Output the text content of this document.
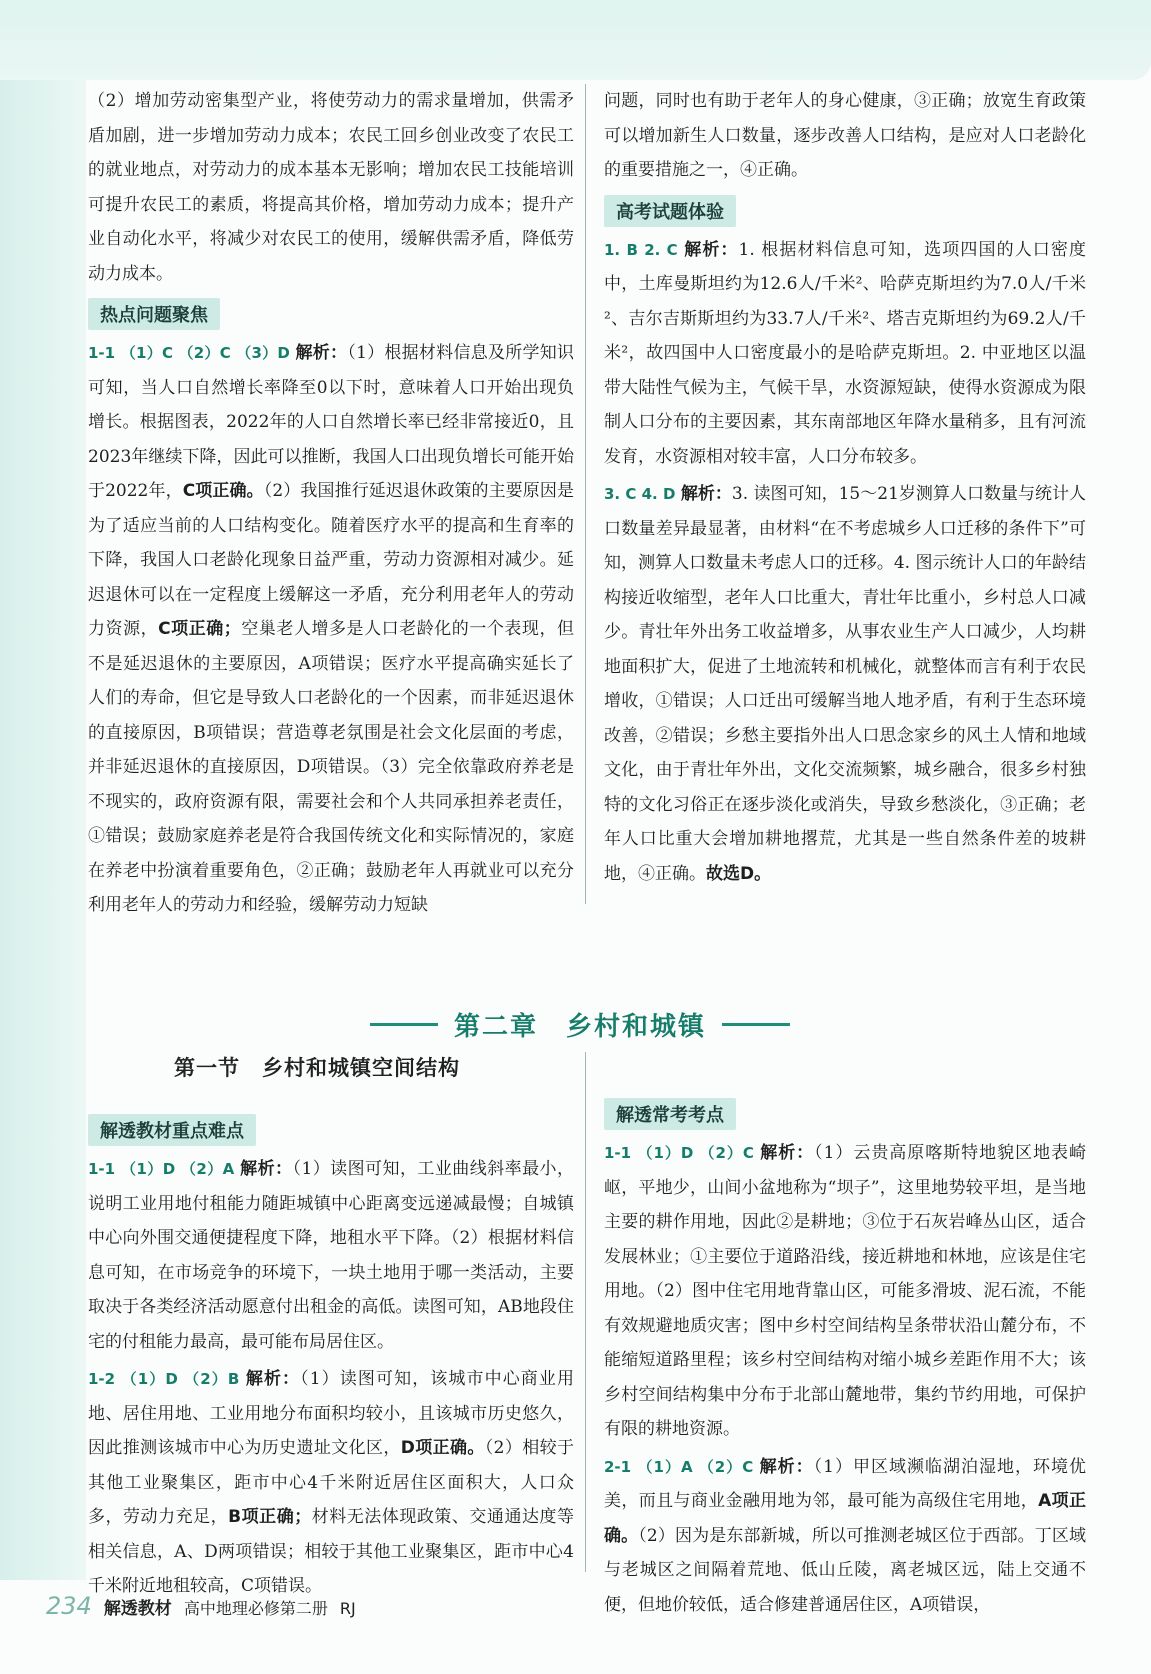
（2）增加劳动密集型产业，将使劳动力的需求量增加，供需矛盾加剧，进一步增加劳动力成本；农民工回乡创业改变了农民工的就业地点，对劳动力的成本基本无影响；增加农民工技能培训可提升农民工的素质，将提高其价格，增加劳动力成本；提升产业自动化水平，将减少对农民工的使用，缓解供需矛盾，降低劳动力成本。

热点问题聚焦

1-1 （1）C （2）C （3）D 解析：（1）根据材料信息及所学知识可知，当人口自然增长率降至0以下时，意味着人口开始出现负增长。根据图表，2022年的人口自然增长率已经非常接近0，且2023年继续下降，因此可以推断，我国人口出现负增长可能开始于2022年，C项正确。（2）我国推行延迟退休政策的主要原因是为了适应当前的人口结构变化。随着医疗水平的提高和生育率的下降，我国人口老龄化现象日益严重，劳动力资源相对减少。延迟退休可以在一定程度上缓解这一矛盾，充分利用老年人的劳动力资源，C项正确；空巢老人增多是人口老龄化的一个表现，但不是延迟退休的主要原因，A项错误；医疗水平提高确实延长了人们的寿命，但它是导致人口老龄化的一个因素，而非延迟退休的直接原因，B项错误；营造尊老氛围是社会文化层面的考虑，并非延迟退休的直接原因，D项错误。（3）完全依靠政府养老是不现实的，政府资源有限，需要社会和个人共同承担养老责任，①错误；鼓励家庭养老是符合我国传统文化和实际情况的，家庭在养老中扮演着重要角色，②正确；鼓励老年人再就业可以充分利用老年人的劳动力和经验，缓解劳动力短缺

问题，同时也有助于老年人的身心健康，③正确；放宽生育政策可以增加新生人口数量，逐步改善人口结构，是应对人口老龄化的重要措施之一，④正确。

高考试题体验

1. B 2. C 解析：1. 根据材料信息可知，选项四国的人口密度中，土库曼斯坦约为12.6人/千米²、哈萨克斯坦约为7.0人/千米²、吉尔吉斯斯坦约为33.7人/千米²、塔吉克斯坦约为69.2人/千米²，故四国中人口密度最小的是哈萨克斯坦。2. 中亚地区以温带大陆性气候为主，气候干旱，水资源短缺，使得水资源成为限制人口分布的主要因素，其东南部地区年降水量稍多，且有河流发育，水资源相对较丰富，人口分布较多。

3. C 4. D 解析：3. 读图可知，15～21岁测算人口数量与统计人口数量差异最显著，由材料“在不考虑城乡人口迁移的条件下”可知，测算人口数量未考虑人口的迁移。4. 图示统计人口的年龄结构接近收缩型，老年人口比重大，青壮年比重小，乡村总人口减少。青壮年外出务工收益增多，从事农业生产人口减少，人均耕地面积扩大，促进了土地流转和机械化，就整体而言有利于农民增收，①错误；人口迁出可缓解当地人地矛盾，有利于生态环境改善，②错误；乡愁主要指外出人口思念家乡的风土人情和地域文化，由于青壮年外出，文化交流频繁，城乡融合，很多乡村独特的文化习俗正在逐步淡化或消失，导致乡愁淡化，③正确；老年人口比重大会增加耕地撂荒，尤其是一些自然条件差的坡耕地，④正确。故选D。

第二章　乡村和城镇
第一节　乡村和城镇空间结构
解透教材重点难点

1-1 （1）D （2）A 解析：（1）读图可知，工业曲线斜率最小，说明工业用地付租能力随距城镇中心距离变远递减最慢；自城镇中心向外围交通便捷程度下降，地租水平下降。（2）根据材料信息可知，在市场竞争的环境下，一块土地用于哪一类活动，主要取决于各类经济活动愿意付出租金的高低。读图可知，AB地段住宅的付租能力最高，最可能布局居住区。

1-2 （1）D （2）B 解析：（1）读图可知，该城市中心商业用地、居住用地、工业用地分布面积均较小，且该城市历史悠久，因此推测该城市中心为历史遗址文化区，D项正确。（2）相较于其他工业聚集区，距市中心4千米附近居住区面积大，人口众多，劳动力充足，B项正确；材料无法体现政策、交通通达度等相关信息，A、D两项错误；相较于其他工业聚集区，距市中心4千米附近地租较高，C项错误。

解透常考考点

1-1 （1）D （2）C 解析：（1）云贵高原喀斯特地貌区地表崎岖，平地少，山间小盆地称为“坝子”，这里地势较平坦，是当地主要的耕作用地，因此②是耕地；③位于石灰岩峰丛山区，适合发展林业；①主要位于道路沿线，接近耕地和林地，应该是住宅用地。（2）图中住宅用地背靠山区，可能多滑坡、泥石流，不能有效规避地质灾害；图中乡村空间结构呈条带状沿山麓分布，不能缩短道路里程；该乡村空间结构对缩小城乡差距作用不大；该乡村空间结构集中分布于北部山麓地带，集约节约用地，可保护有限的耕地资源。

2-1 （1）A （2）C 解析：（1）甲区域濒临湖泊湿地，环境优美，而且与商业金融用地为邻，最可能为高级住宅用地，A项正确。（2）因为是东部新城，所以可推测老城区位于西部。丁区域与老城区之间隔着荒地、低山丘陵，离老城区远，陆上交通不便，但地价较低，适合修建普通居住区，A项错误，

234 解透教材 高中地理必修第二册 RJ
